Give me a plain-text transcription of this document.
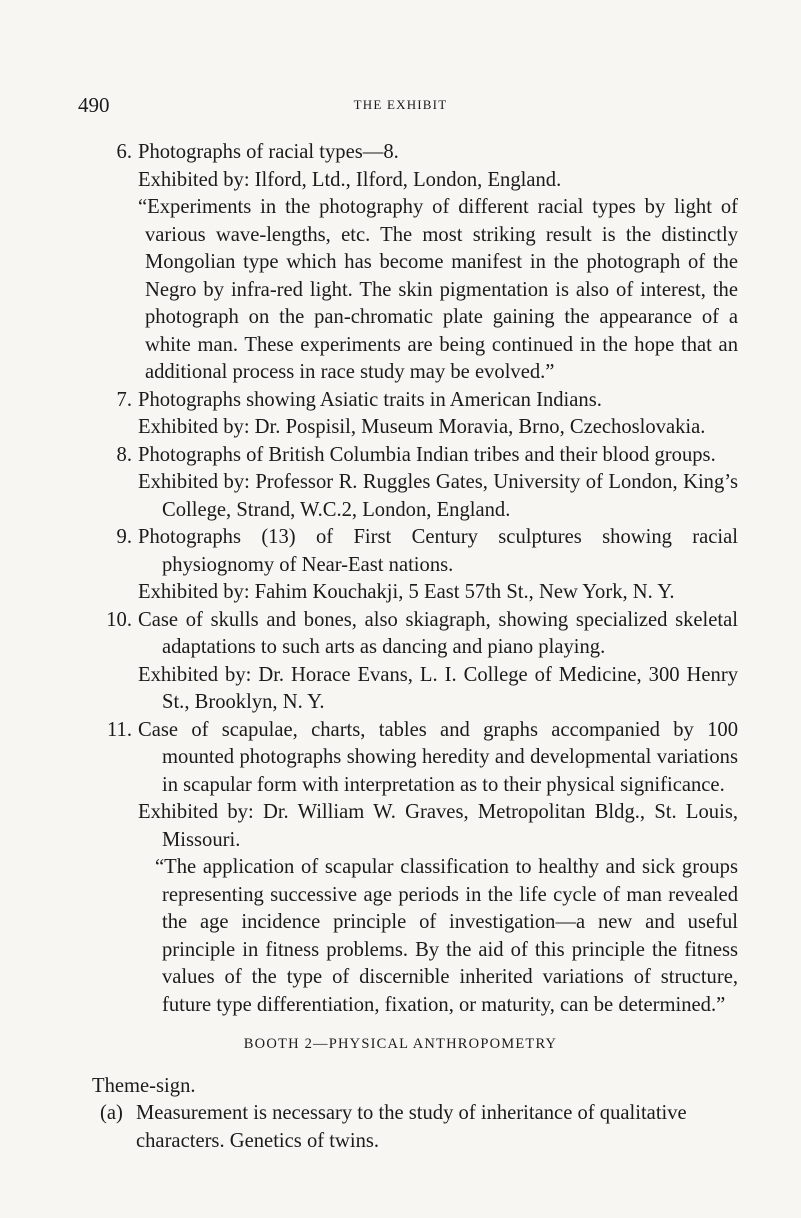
490	THE EXHIBIT
6. Photographs of racial types—8.
Exhibited by: Ilford, Ltd., Ilford, London, England.
“Experiments in the photography of different racial types by light of various wave-lengths, etc. The most striking result is the distinctly Mongolian type which has become manifest in the photograph of the Negro by infra-red light. The skin pigmentation is also of interest, the photograph on the pan-chromatic plate gaining the appearance of a white man. These experiments are being continued in the hope that an additional process in race study may be evolved.”
7. Photographs showing Asiatic traits in American Indians.
Exhibited by: Dr. Pospisil, Museum Moravia, Brno, Czechoslovakia.
8. Photographs of British Columbia Indian tribes and their blood groups.
Exhibited by: Professor R. Ruggles Gates, University of London, King’s College, Strand, W.C.2, London, England.
9. Photographs (13) of First Century sculptures showing racial physiognomy of Near-East nations.
Exhibited by: Fahim Kouchakji, 5 East 57th St., New York, N. Y.
10. Case of skulls and bones, also skiagraph, showing specialized skeletal adaptations to such arts as dancing and piano playing.
Exhibited by: Dr. Horace Evans, L. I. College of Medicine, 300 Henry St., Brooklyn, N. Y.
11. Case of scapulae, charts, tables and graphs accompanied by 100 mounted photographs showing heredity and developmental variations in scapular form with interpretation as to their physical significance.
Exhibited by: Dr. William W. Graves, Metropolitan Bldg., St. Louis, Missouri.
“The application of scapular classification to healthy and sick groups representing successive age periods in the life cycle of man revealed the age incidence principle of investigation—a new and useful principle in fitness problems. By the aid of this principle the fitness values of the type of discernible inherited variations of structure, future type differentiation, fixation, or maturity, can be determined.”
BOOTH 2—PHYSICAL ANTHROPOMETRY
Theme-sign.
(a) Measurement is necessary to the study of inheritance of qualitative characters. Genetics of twins.
